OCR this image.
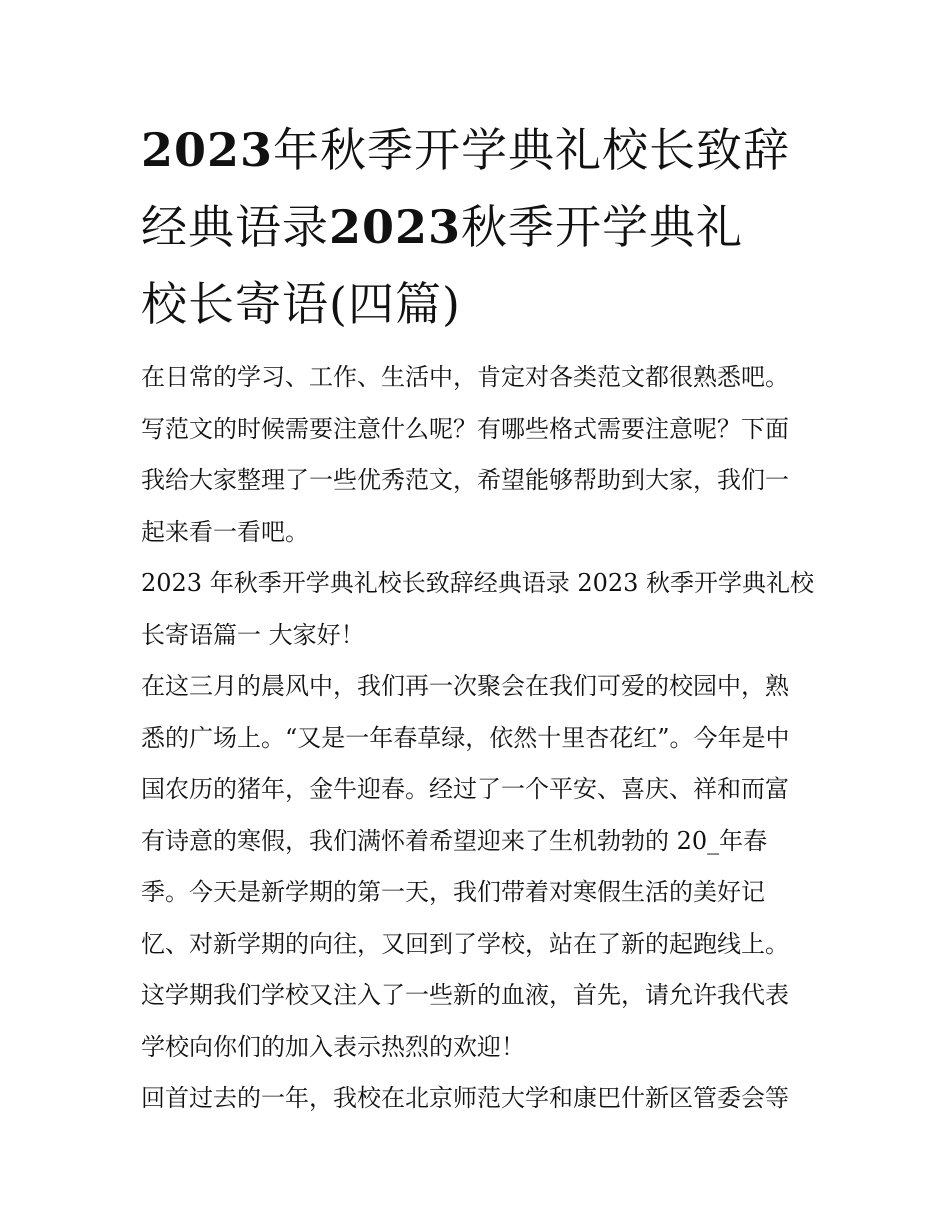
2023年秋季开学典礼校长致辞
经典语录2023秋季开学典礼
校长寄语(四篇)
在日常的学习、工作、生活中，肯定对各类范文都很熟悉吧。
写范文的时候需要注意什么呢？有哪些格式需要注意呢？下面
我给大家整理了一些优秀范文，希望能够帮助到大家，我们一
起来看一看吧。
2023 年秋季开学典礼校长致辞经典语录 2023 秋季开学典礼校
长寄语篇一 大家好！
在这三月的晨风中，我们再一次聚会在我们可爱的校园中，熟
悉的广场上。“又是一年春草绿，依然十里杏花红”。今年是中
国农历的猪年，金牛迎春。经过了一个平安、喜庆、祥和而富
有诗意的寒假，我们满怀着希望迎来了生机勃勃的 20_年春
季。今天是新学期的第一天，我们带着对寒假生活的美好记
忆、对新学期的向往，又回到了学校，站在了新的起跑线上。
这学期我们学校又注入了一些新的血液，首先，请允许我代表
学校向你们的加入表示热烈的欢迎！
回首过去的一年，我校在北京师范大学和康巴什新区管委会等
